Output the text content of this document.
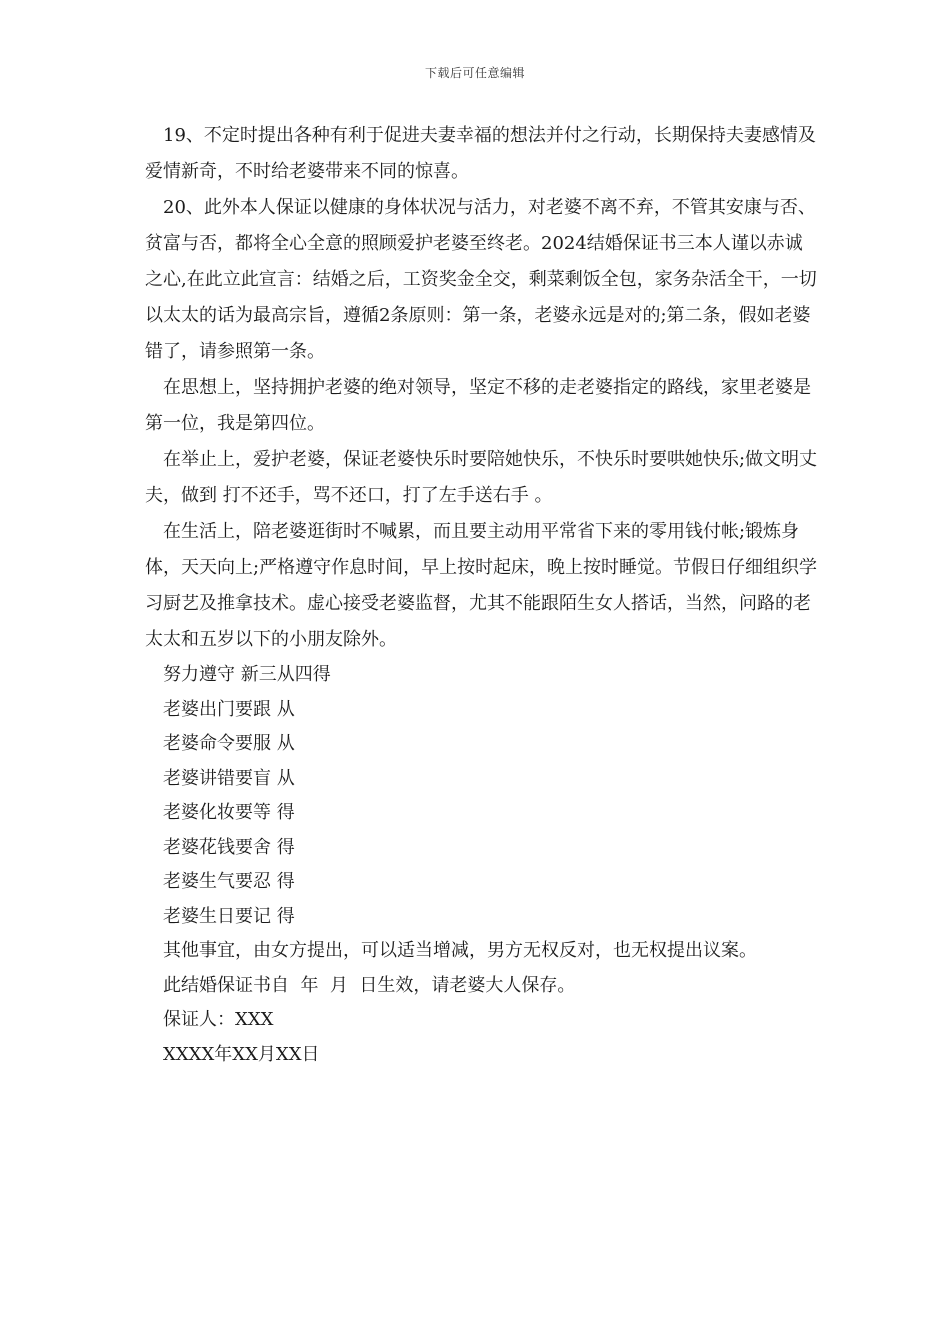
下载后可任意编辑

19、不定时提出各种有利于促进夫妻幸福的想法并付之行动，长期保持夫妻感情及爱情新奇，不时给老婆带来不同的惊喜。

20、此外本人保证以健康的身体状况与活力，对老婆不离不弃，不管其安康与否、贫富与否，都将全心全意的照顾爱护老婆至终老。2024结婚保证书三本人谨以赤诚之心,在此立此宣言：结婚之后，工资奖金全交，剩菜剩饭全包，家务杂活全干，一切以太太的话为最高宗旨，遵循2条原则：第一条，老婆永远是对的;第二条，假如老婆错了，请参照第一条。

在思想上，坚持拥护老婆的绝对领导，坚定不移的走老婆指定的路线，家里老婆是第一位，我是第四位。

在举止上，爱护老婆，保证老婆快乐时要陪她快乐，不快乐时要哄她快乐;做文明丈夫，做到 打不还手，骂不还口，打了左手送右手 。

在生活上，陪老婆逛街时不喊累，而且要主动用平常省下来的零用钱付帐;锻炼身体，天天向上;严格遵守作息时间，早上按时起床，晚上按时睡觉。节假日仔细组织学习厨艺及推拿技术。虚心接受老婆监督，尤其不能跟陌生女人搭话，当然，问路的老太太和五岁以下的小朋友除外。

努力遵守 新三从四得

老婆出门要跟 从

老婆命令要服 从

老婆讲错要盲 从

老婆化妆要等 得

老婆花钱要舍 得

老婆生气要忍 得

老婆生日要记 得

其他事宜，由女方提出，可以适当增减，男方无权反对，也无权提出议案。

此结婚保证书自  年  月  日生效，请老婆大人保存。

保证人：XXX

XXXX年XX月XX日
